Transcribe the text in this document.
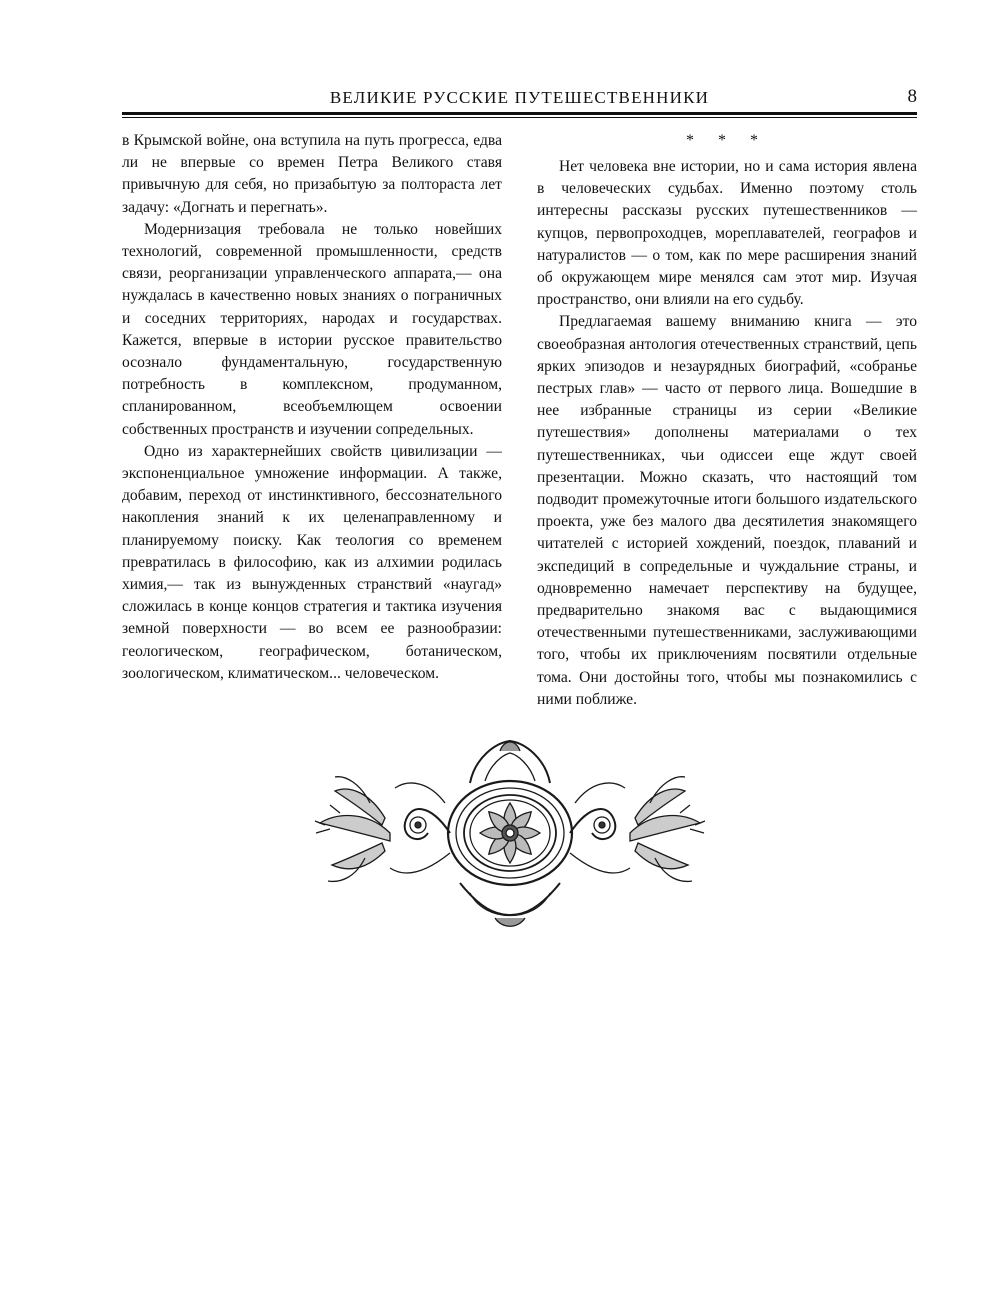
ВЕЛИКИЕ РУССКИЕ ПУТЕШЕСТВЕННИКИ	8

в Крымской войне, она вступила на путь прогресса, едва ли не впервые со времен Петра Великого ставя привычную для себя, но призабытую за полтораста лет задачу: «Догнать и перегнать».

Модернизация требовала не только новейших технологий, современной промышленности, средств связи, реорганизации управленческого аппарата,— она нуждалась в качественно новых знаниях о пограничных и соседних территориях, народах и государствах. Кажется, впервые в истории русское правительство осознало фундаментальную, государственную потребность в комплексном, продуманном, спланированном, всеобъемлющем освоении собственных пространств и изучении сопредельных.

Одно из характернейших свойств цивилизации — экспоненциальное умножение информации. А также, добавим, переход от инстинктивного, бессознательного накопления знаний к их целенаправленному и планируемому поиску. Как теология со временем превратилась в философию, как из алхимии родилась химия,— так из вынужденных странствий «наугад» сложилась в конце концов стратегия и тактика изучения земной поверхности — во всем ее разнообразии: геологическом, географическом, ботаническом, зоологическом, климатическом... человеческом.

* * *

Нет человека вне истории, но и сама история явлена в человеческих судьбах. Именно поэтому столь интересны рассказы русских путешественников — купцов, первопроходцев, мореплавателей, географов и натуралистов — о том, как по мере расширения знаний об окружающем мире менялся сам этот мир. Изучая пространство, они влияли на его судьбу.

Предлагаемая вашему вниманию книга — это своеобразная антология отечественных странствий, цепь ярких эпизодов и незаурядных биографий, «собранье пестрых глав» — часто от первого лица. Вошедшие в нее избранные страницы из серии «Великие путешествия» дополнены материалами о тех путешественниках, чьи одиссеи еще ждут своей презентации. Можно сказать, что настоящий том подводит промежуточные итоги большого издательского проекта, уже без малого два десятилетия знакомящего читателей с историей хождений, поездок, плаваний и экспедиций в сопредельные и чуждальние страны, и одновременно намечает перспективу на будущее, предварительно знакомя вас с выдающимися отечественными путешественниками, заслуживающими того, чтобы их приключениям посвятили отдельные тома. Они достойны того, чтобы мы познакомились с ними поближе.
